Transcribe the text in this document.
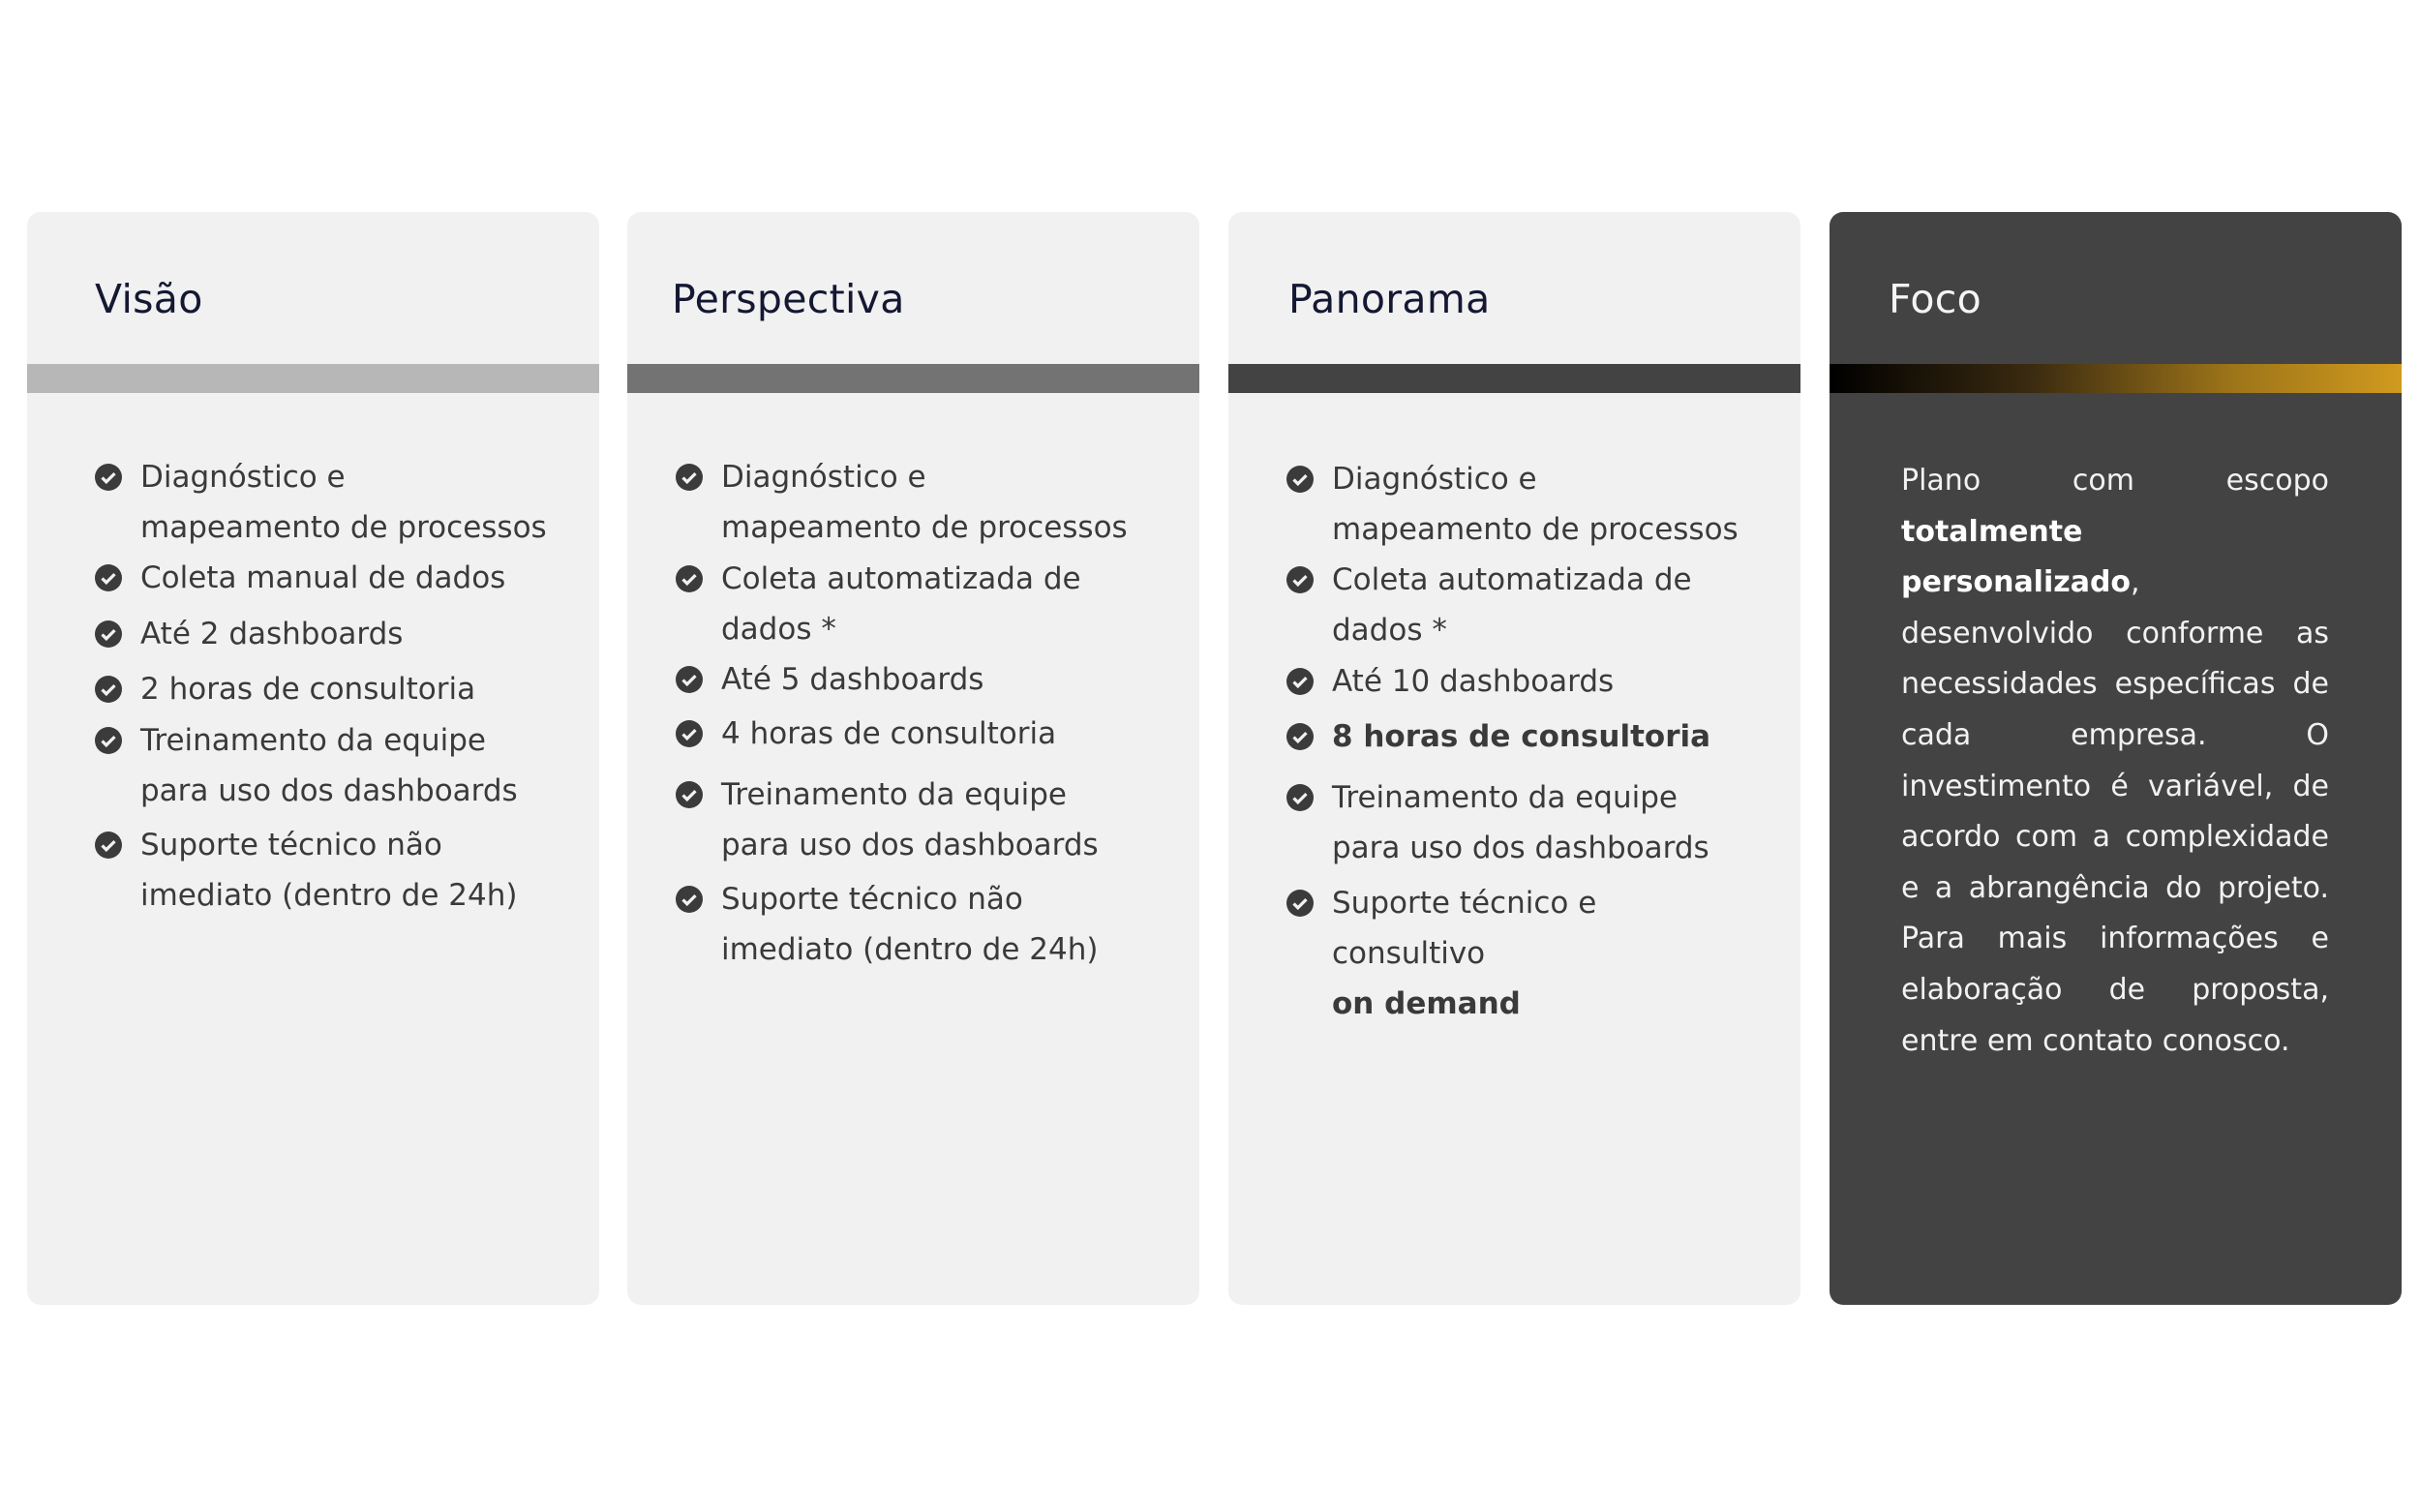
Visão
Diagnóstico e mapeamento de processos
Coleta manual de dados
Até 2 dashboards
2 horas de consultoria
Treinamento da equipe para uso dos dashboards
Suporte técnico não imediato (dentro de 24h)
Perspectiva
Diagnóstico e mapeamento de processos
Coleta automatizada de dados *
Até 5 dashboards
4 horas de consultoria
Treinamento da equipe para uso dos dashboards
Suporte técnico não imediato (dentro de 24h)
Panorama
Diagnóstico e mapeamento de processos
Coleta automatizada de dados *
Até 10 dashboards
8 horas de consultoria
Treinamento da equipe para uso dos dashboards
Suporte técnico e consultivo
on demand
Foco
Plano com escopo totalmente personalizado, desenvolvido conforme as necessidades específicas de cada empresa. O investimento é variável, de acordo com a complexidade e a abrangência do projeto. Para mais informações e elaboração de proposta, entre em contato conosco.
